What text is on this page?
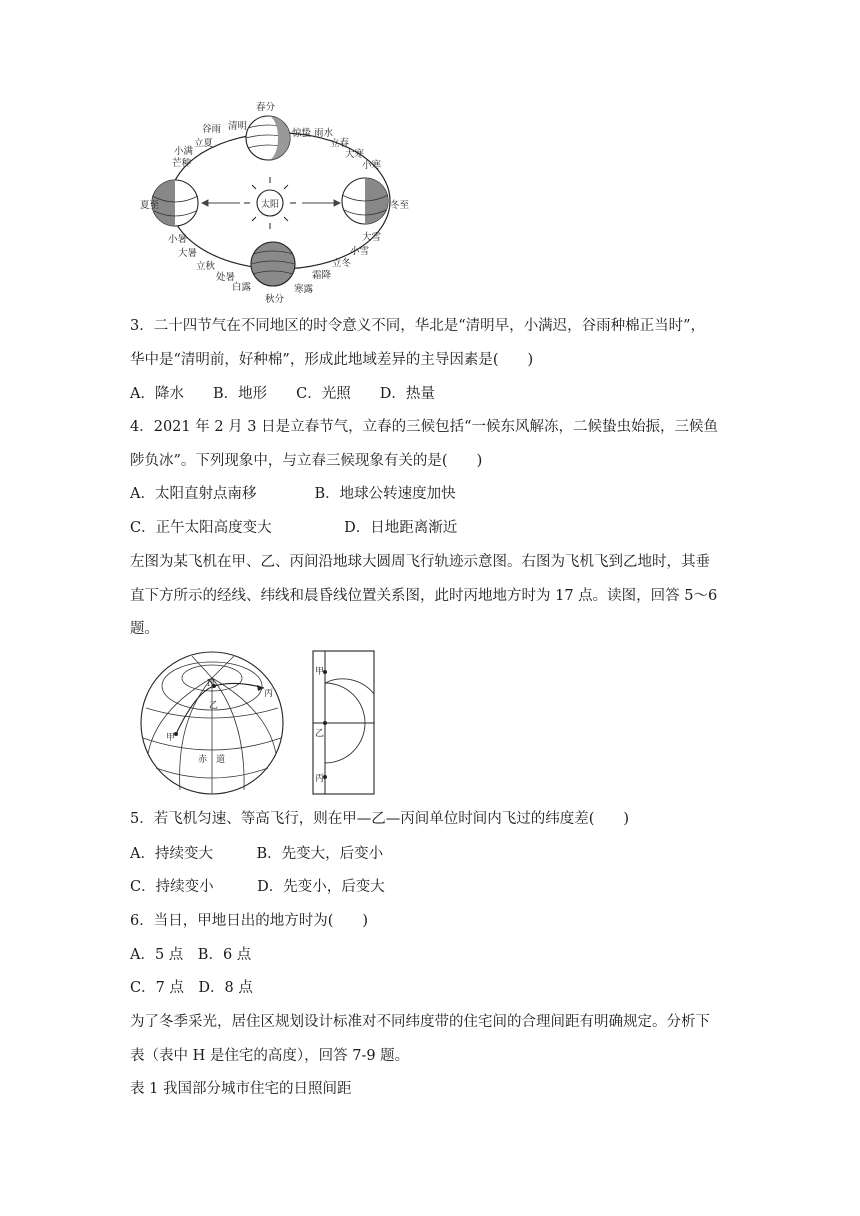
太阳
春分
秋分
夏至	冬至
谷雨 清明
立夏
小满
芒种
惊蛰 雨水
立春
大寒
小寒
小暑
大暑
立秋
处暑
白露
大雪
小雪
立冬
霜降
寒露
3．二十四节气在不同地区的时令意义不同，华北是“清明早，小满迟，谷雨种棉正当时”，
华中是“清明前，好种棉”，形成此地域差异的主导因素是(　　)
A．降水　　B．地形　　C．光照　　D．热量
4．2021 年 2 月 3 日是立春节气，立春的三候包括“一候东风解冻，二候蛰虫始振，三候鱼
陟负冰”。下列现象中，与立春三候现象有关的是(　　)
A．太阳直射点南移　　　　B．地球公转速度加快
C．正午太阳高度变大　　　　　D．日地距离渐近
左图为某飞机在甲、乙、丙间沿地球大圆周飞行轨迹示意图。右图为飞机飞到乙地时，其垂
直下方所示的经线、纬线和晨昏线位置关系图，此时丙地地方时为 17 点。读图，回答 5～6
题。
N
甲
乙
丙
赤　道
甲
乙
丙
5．若飞机匀速、等高飞行，则在甲—乙—丙间单位时间内飞过的纬度差(　　)
A．持续变大　　　B．先变大，后变小
C．持续变小　　　D．先变小，后变大
6．当日，甲地日出的地方时为(　　)
A．5 点　B．6 点
C．7 点　D．8 点
为了冬季采光，居住区规划设计标准对不同纬度带的住宅间的合理间距有明确规定。分析下
表（表中 H 是住宅的高度），回答 7-9 题。
表 1 我国部分城市住宅的日照间距
